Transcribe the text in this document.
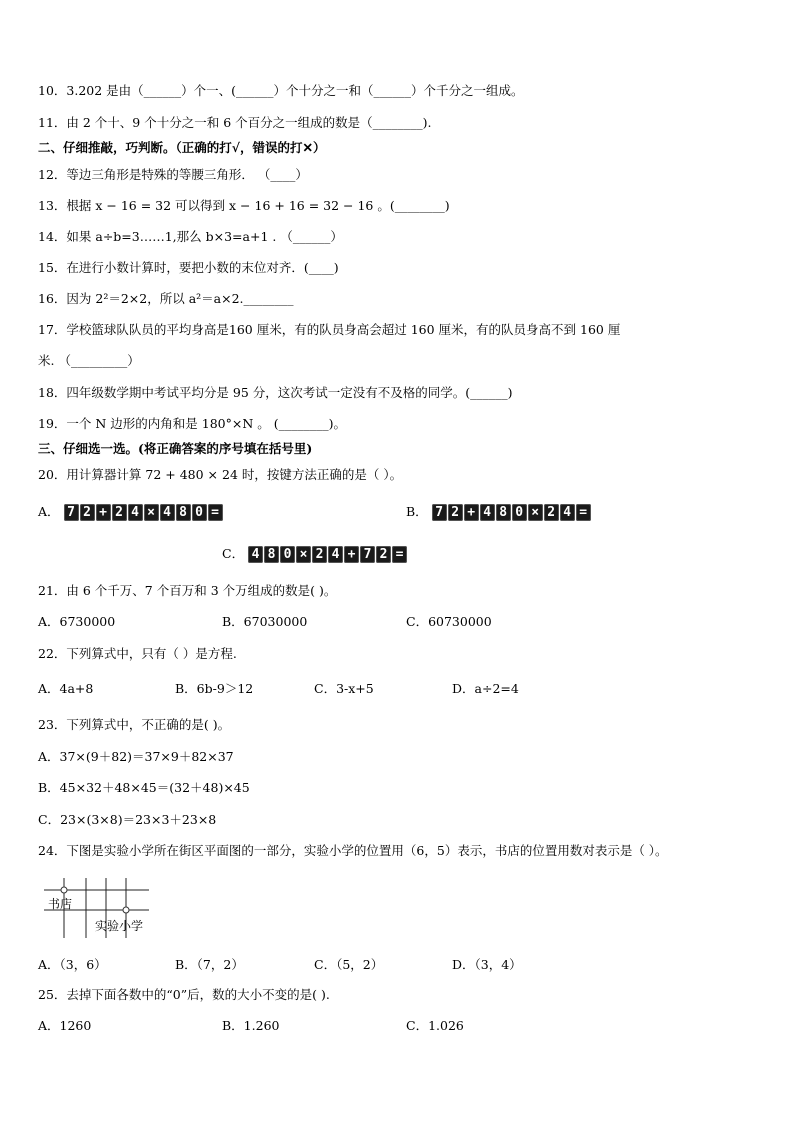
10．3.202 是由（______）个一、(______）个十分之一和（______）个千分之一组成。
11．由 2 个十、9 个十分之一和 6 个百分之一组成的数是（________).
二、仔细推敲，巧判断。（正确的打√，错误的打✕）
12．等边三角形是特殊的等腰三角形． （____）
13．根据 x − 16 = 32 可以得到 x − 16 + 16 = 32 − 16 。(________)
14．如果 a÷b=3……1,那么 b×3=a+1 . （______）
15．在进行小数计算时，要把小数的末位对齐．(____)
16．因为 2²＝2×2，所以 a²＝a×2.________
17．学校篮球队队员的平均身高是160 厘米，有的队员身高会超过 160 厘米，有的队员身高不到 160 厘
米. （_________）
18．四年级数学期中考试平均分是 95 分，这次考试一定没有不及格的同学。(______)
19．一个 N 边形的内角和是 180°×N 。 (________)。
三、仔细选一选。(将正确答案的序号填在括号里)
20．用计算器计算 72 + 480 × 24 时，按键方法正确的是（ ）。
A． 7 2 + 2 4 × 4 8 0 =	B． 7 2 + 4 8 0 × 2 4 =
C． 4 8 0 × 2 4 + 7 2 =
21．由 6 个千万、7 个百万和 3 个万组成的数是( )。
A．6730000	B．67030000	C．60730000
22．下列算式中，只有（ ）是方程.
A．4a+8	B．6b-9＞12	C．3-x+5	D．a÷2=4
23．下列算式中，不正确的是( )。
A．37×(9＋82)＝37×9＋82×37
B．45×32＋48×45＝(32＋48)×45
C．23×(3×8)＝23×3＋23×8
24．下图是实验小学所在街区平面图的一部分，实验小学的位置用（6，5）表示，书店的位置用数对表示是（ ）。
书店
实验小学
A．（3，6）	B．（7，2）	C．（5，2）	D．（3，4）
25．去掉下面各数中的“0”后，数的大小不变的是( ).
A．1260	B．1.260	C．1.026
